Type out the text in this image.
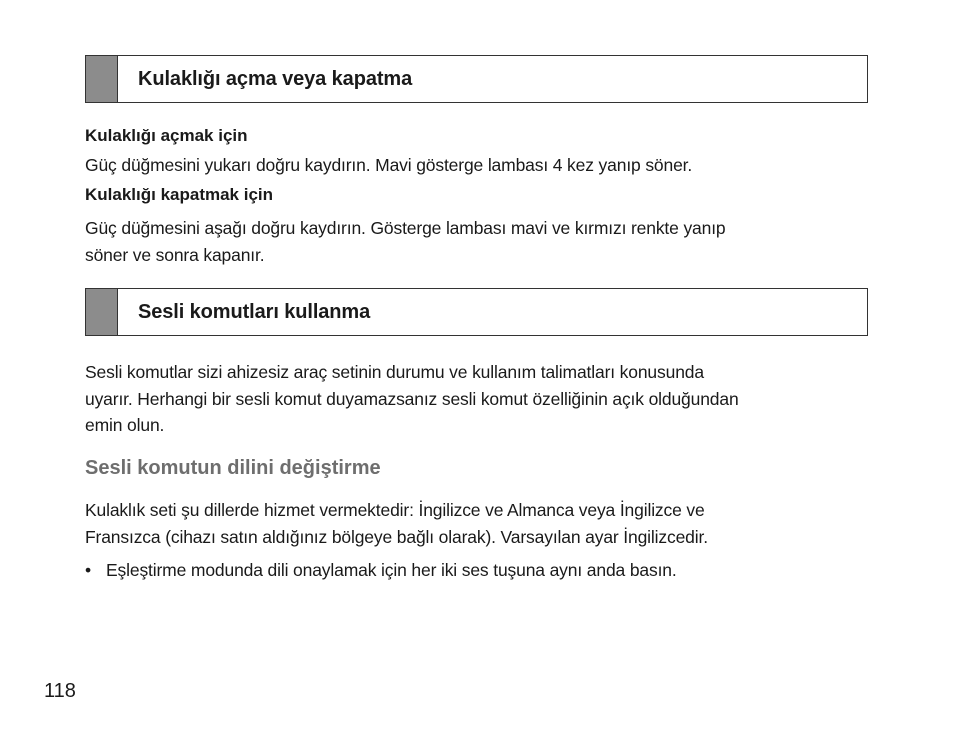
Kulaklığı açma veya kapatma
Kulaklığı açmak için
Güç düğmesini yukarı doğru kaydırın. Mavi gösterge lambası 4 kez yanıp söner.
Kulaklığı kapatmak için
Güç düğmesini aşağı doğru kaydırın. Gösterge lambası mavi ve kırmızı renkte yanıp
söner ve sonra kapanır.
Sesli komutları kullanma
Sesli komutlar sizi ahizesiz araç setinin durumu ve kullanım talimatları konusunda
uyarır. Herhangi bir sesli komut duyamazsanız sesli komut özelliğinin açık olduğundan
emin olun.
Sesli komutun dilini değiştirme
Kulaklık seti şu dillerde hizmet vermektedir: İngilizce ve Almanca veya İngilizce ve
Fransızca (cihazı satın aldığınız bölgeye bağlı olarak). Varsayılan ayar İngilizcedir.
• Eşleştirme modunda dili onaylamak için her iki ses tuşuna aynı anda basın.
118
